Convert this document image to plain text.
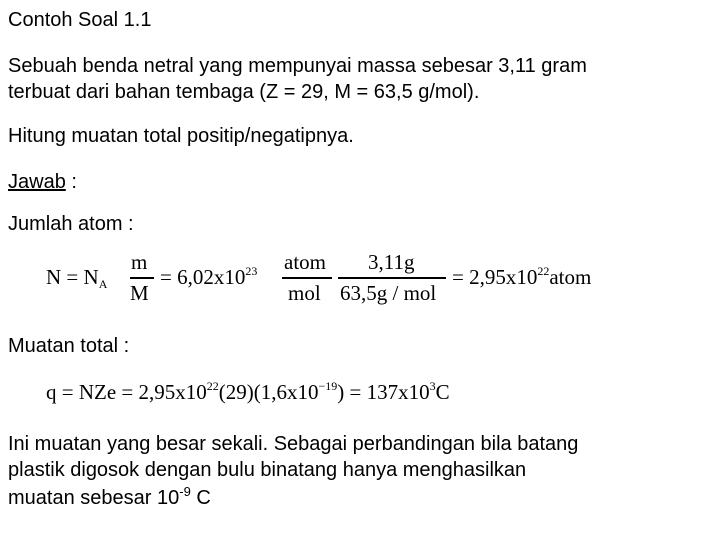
Contoh Soal 1.1
Sebuah benda netral yang mempunyai massa sebesar 3,11 gram
terbuat dari bahan tembaga (Z = 29, M = 63,5 g/mol).
Hitung muatan total positip/negatipnya.
Jawab :
Jumlah atom :
$N = N_A$
m
M
= $6,02x10^{23}$ atom
mol
3,11g
63,5g / mol
= $2,95x10^{22}atom$
Muatan total :
q = NZe = $2,95x10^{22}(29)(1,6x10^{-19}) = 137x10^3C$
Ini muatan yang besar sekali. Sebagai perbandingan bila batang
plastik digosok dengan bulu binatang hanya menghasilkan
muatan sebesar $10^{-9}$ C
